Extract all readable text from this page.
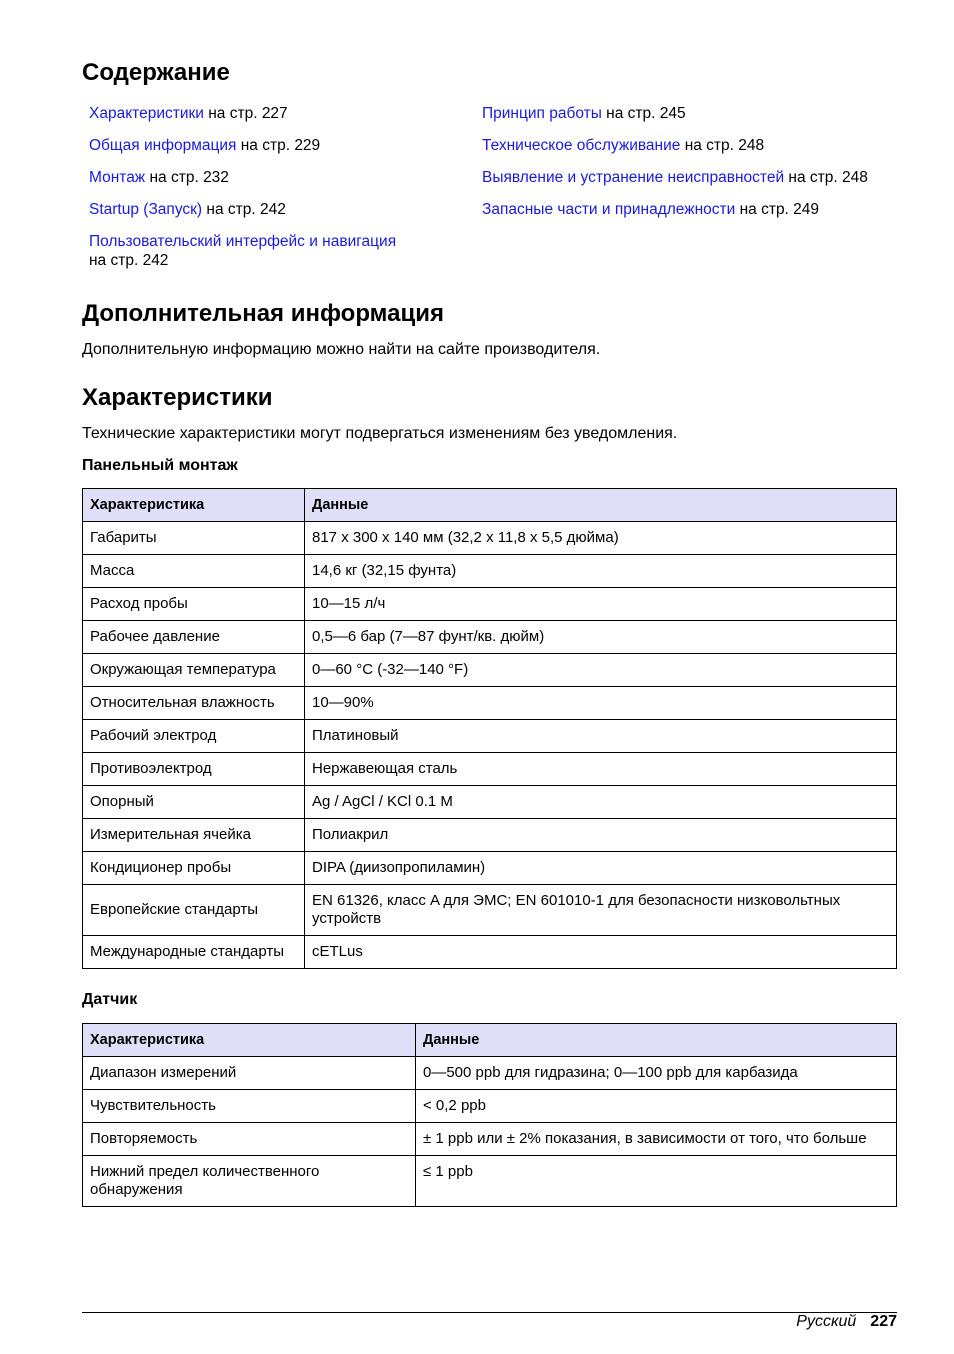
Содержание
Характеристики на стр. 227
Общая информация на стр. 229
Монтаж на стр. 232
Startup (Запуск) на стр. 242
Пользовательский интерфейс и навигация
на стр. 242
Принцип работы на стр. 245
Техническое обслуживание на стр. 248
Выявление и устранение неисправностей на стр. 248
Запасные части и принадлежности на стр. 249
Дополнительная информация
Дополнительную информацию можно найти на сайте производителя.
Характеристики
Технические характеристики могут подвергаться изменениям без уведомления.
Панельный монтаж
Характеристика	Данные
Габариты	817 x 300 x 140 мм (32,2 x 11,8 x 5,5 дюйма)
Масса	14,6 кг (32,15 фунта)
Расход пробы	10—15 л/ч
Рабочее давление	0,5—6 бар (7—87 фунт/кв. дюйм)
Окружающая температура	0—60 °C (-32—140 °F)
Относительная влажность	10—90%
Рабочий электрод	Платиновый
Противоэлектрод	Нержавеющая сталь
Опорный	Ag / AgCl / KCl 0.1 M
Измерительная ячейка	Полиакрил
Кондиционер пробы	DIPA (диизопропиламин)
Европейские стандарты	EN 61326, класс A для ЭМС; EN 601010-1 для безопасности низковольтных устройств
Международные стандарты	cETLus
Датчик
Характеристика	Данные
Диапазон измерений	0—500 ppb для гидразина; 0—100 ppb для карбазида
Чувствительность	< 0,2 ppb
Повторяемость	± 1 ppb или ± 2% показания, в зависимости от того, что больше
Нижний предел количественного обнаружения	≤ 1 ppb
Русский 227
